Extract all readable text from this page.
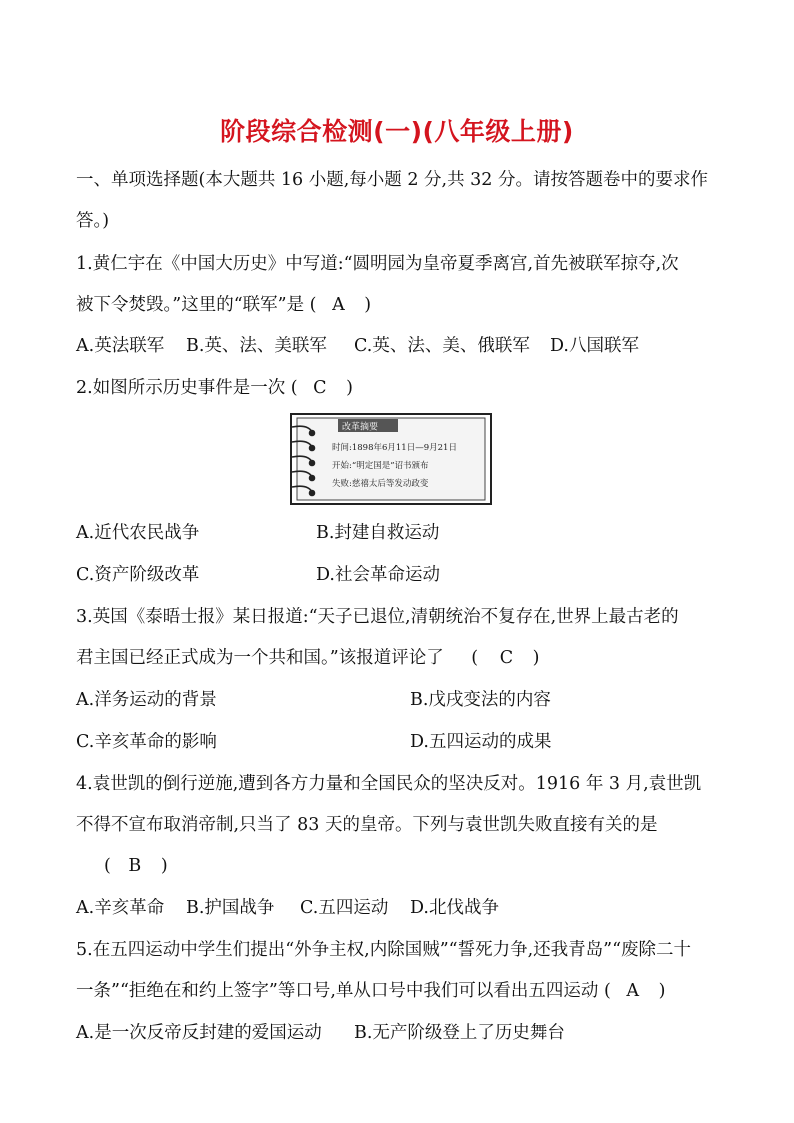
阶段综合检测(一)(八年级上册)
一、单项选择题(本大题共 16 小题,每小题 2 分,共 32 分。请按答题卷中的要求作
答。)
1.黄仁宇在《中国大历史》中写道:“圆明园为皇帝夏季离宫,首先被联军掠夺,次
被下令焚毁。”这里的“联军”是 ( A )
A.英法联军 B.英、法、美联军 C.英、法、美、俄联军 D.八国联军
2.如图所示历史事件是一次 ( C )
改革摘要
时间:1898年6月11日—9月21日
开始:“明定国是”诏书颁布
失败:慈禧太后等发动政变
A.近代农民战争	B.封建自救运动
C.资产阶级改革	D.社会革命运动
3.英国《泰晤士报》某日报道:“天子已退位,清朝统治不复存在,世界上最古老的
君主国已经正式成为一个共和国。”该报道评论了 ( C )
A.洋务运动的背景	B.戊戌变法的内容
C.辛亥革命的影响	D.五四运动的成果
4.袁世凯的倒行逆施,遭到各方力量和全国民众的坚决反对。1916 年 3 月,袁世凯
不得不宣布取消帝制,只当了 83 天的皇帝。下列与袁世凯失败直接有关的是
( B )
A.辛亥革命 B.护国战争 C.五四运动 D.北伐战争
5.在五四运动中学生们提出“外争主权,内除国贼”“誓死力争,还我青岛”“废除二十
一条”“拒绝在和约上签字”等口号,单从口号中我们可以看出五四运动 ( A )
A.是一次反帝反封建的爱国运动 B.无产阶级登上了历史舞台
